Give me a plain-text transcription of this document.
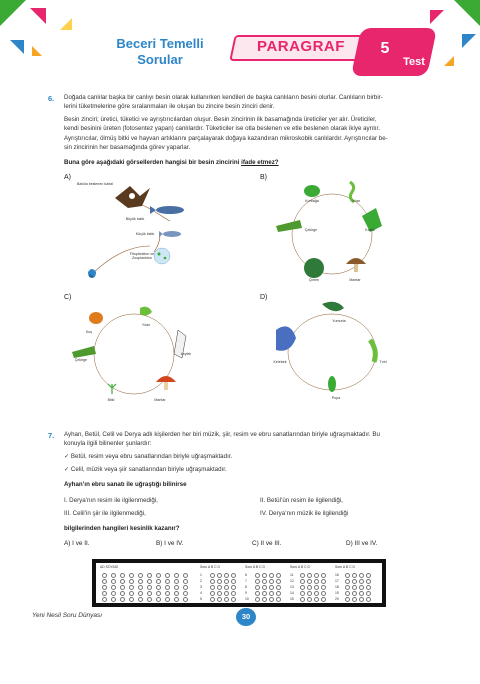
Beceri Temelli
Sorular
PARAGRAF	5
Test
6. Doğada canlılar başka bir canlıyı besin olarak kullanırken kendileri de başka canlıların besini olurlar. Canlıların birbir-
lerini tüketmelerine göre sıralanmaları ile oluşan bu zincire besin zinciri denir.
Besin zinciri; üretici, tüketici ve ayrıştırıcılardan oluşur. Besin zincirinin ilk basamağında üreticiler yer alır. Üreticiler,
kendi besinini üreten (fotosentez yapan) canlılardır. Tüketiciler ise otla beslenen ve etle beslenen olarak ikiye ayrılır.
Ayrıştırıcılar, ölmüş bitki ve hayvan artıklarını parçalayarak doğaya kazandıran mikroskobik canlılardır. Ayrıştırıcılar be-
sin zincirinin her basamağında görev yaparlar.
Buna göre aşağıdaki görsellerden hangisi bir besin zincirini ifade etmez?
A)
Balıkla beslenen kartal
Büyük balık
Küçük balık
Fitoplankton ve Zooplankton
Su
B)
Kurbağa	Yılan
Çekirge	Kartal
Çimen	Mantar
C)
Kuş
Yılan
Çekirge
Leylek
Bitki	Mantar
D)
Yumurta
Kelebek	Tırtıl
Pupa
7. Ayhan, Betül, Celil ve Derya adlı kişilerden her biri müzik, şiir, resim ve ebru sanatlarından biriyle uğraşmaktadır. Bu
konuyla ilgili bilinenler şunlardır:
✓ Betül, resim veya ebru sanatlarından biriyle uğraşmaktadır.
✓ Celil, müzik veya şiir sanatlarından biriyle uğraşmaktadır.
Ayhan’ın ebru sanatı ile uğraştığı bilinirse
I. Derya’nın resim ile ilgilenmediği,	II. Betül’ün resim ile ilgilendiği,
III. Celil’in şiir ile ilgilenmediği,	IV. Derya’nın müzik ile ilgilendiği
bilgilerinden hangileri kesinlik kazanır?
A) I ve II.	B) I ve IV.	C) II ve III.	D) III ve IV.
AD SOYADI	Soru A B C D
1
2
3
4
5
Soru A B C D
6
7
8
9
10
Soru A B C D
11
12
13
14
15
Soru A B C D
16
17
18
19
20
Yeni Nesil Soru Dünyası	30
